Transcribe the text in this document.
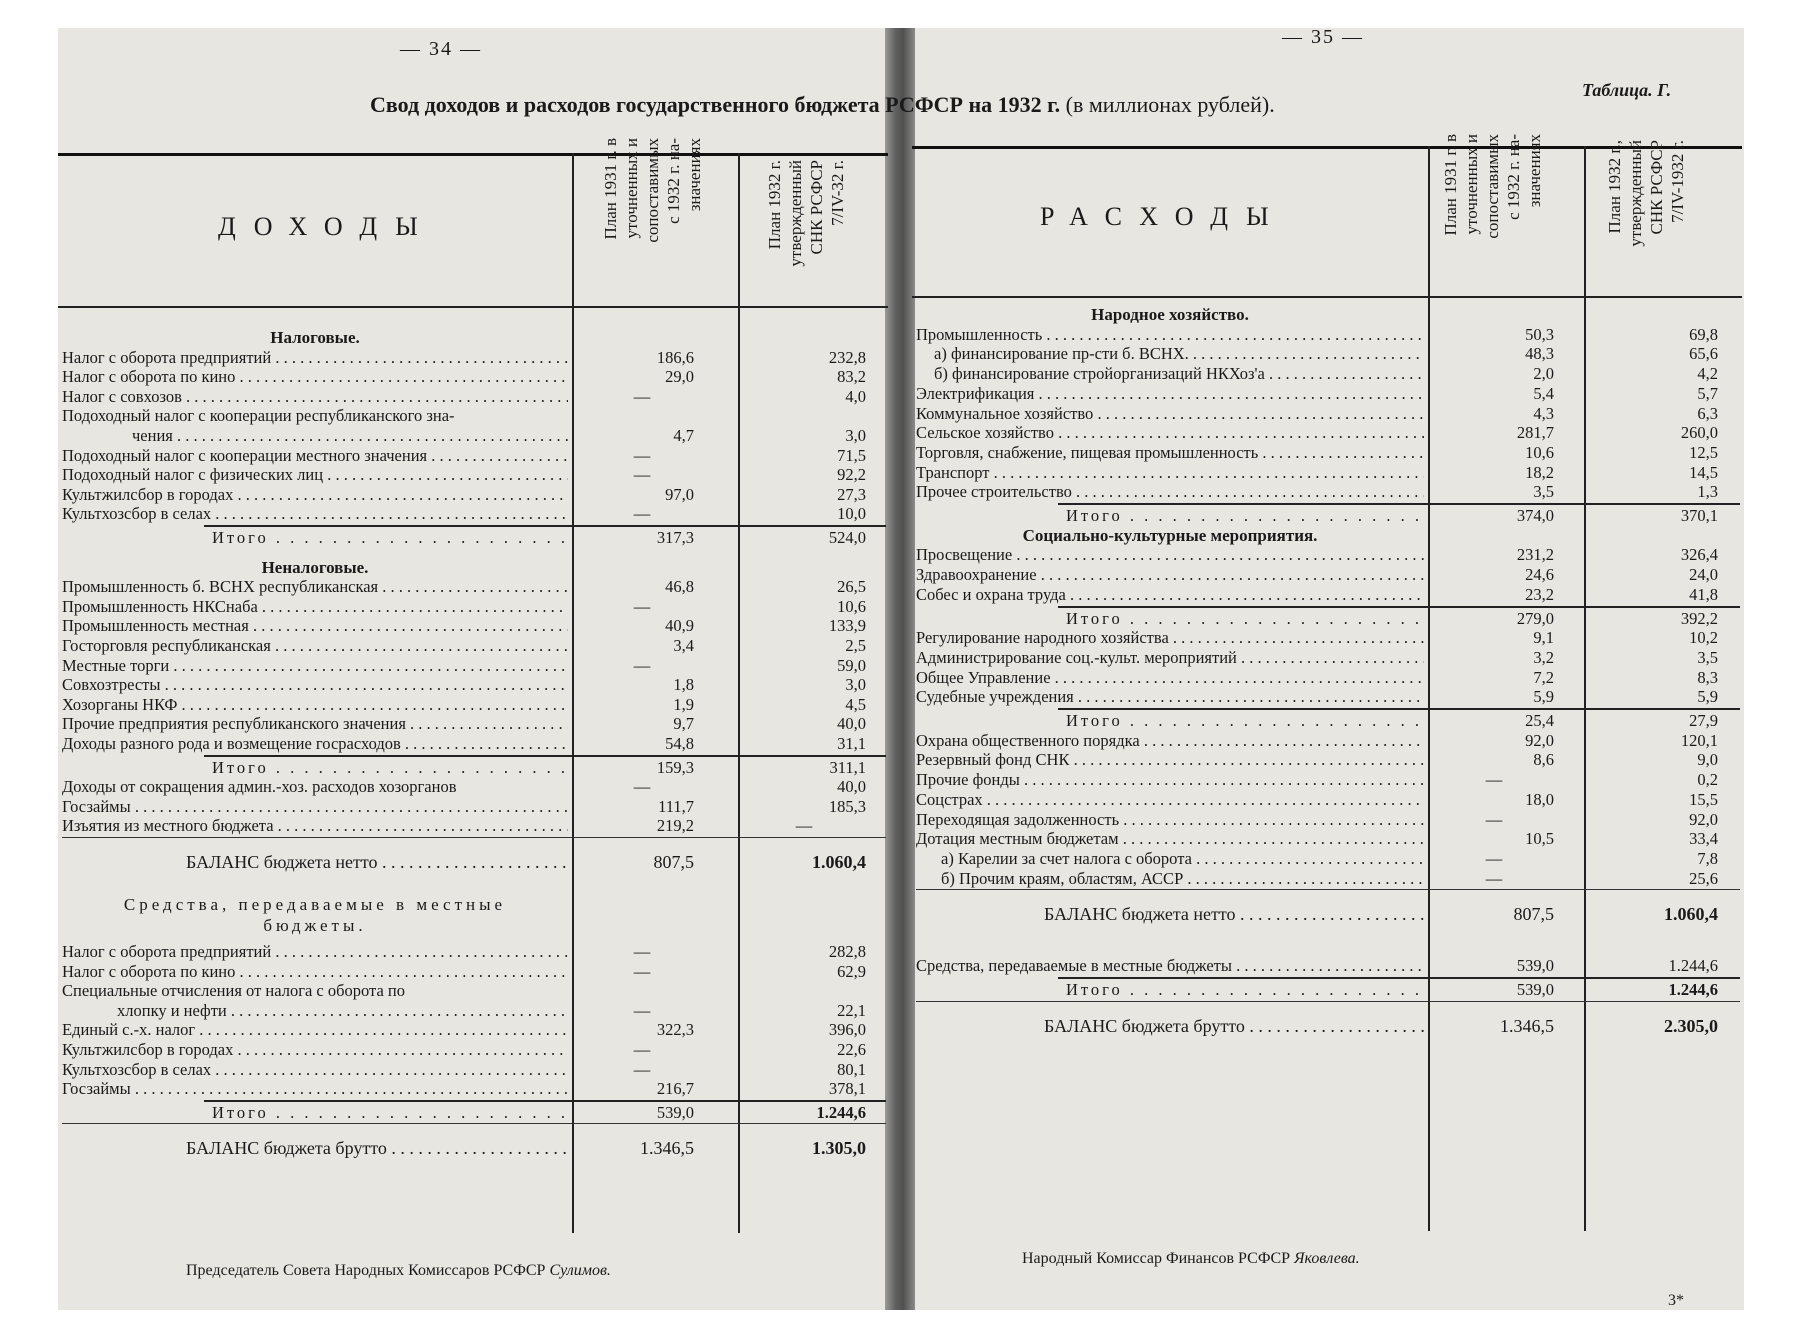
— 34 —
— 35 —
Свод доходов и расходов государственного бюджета РСФСР на 1932 г. (в миллионах рублей).
Таблица. Г.
ДОХОДЫ	РАСХОДЫ
План 1931 г. в уточненных и сопоставимых с 1932 г. на- значениях	План 1932 г. утвержденный СНК РСФСР 7/IV-32 г.	План 1931 г. в уточненных и сопоставимых с 1932 г. на- значениях	План 1932 г., утвержденный СНК РСФСР 7/IV-1932 г.
Налоговые.
Налог с оборота предприятий . . .	186,6	232,8
Налог с оборота по кино . . .	29,0	83,2
Налог с совхозов . . .	—	4,0
Подоходный налог с кооперации республиканского зна-
чения . . .	4,7	3,0
Подоходный налог с кооперации местного значения . . .	—	71,5
Подоходный налог с физических лиц . . .	—	92,2
Культжилсбор в городах . . .	97,0	27,3
Культхозсбор в селах . . .	—	10,0
Итого . . .	317,3	524,0
Неналоговые.
Промышленность б. ВСНХ республиканская . . .	46,8	26,5
Промышленность НКСнаба . . .	—	10,6
Промышленность местная . . .	40,9	133,9
Госторговля республиканская . . .	3,4	2,5
Местные торги . . .	—	59,0
Совхозтресты . . .	1,8	3,0
Хозорганы НКФ . . .	1,9	4,5
Прочие предприятия республиканского значения . . .	9,7	40,0
Доходы разного рода и возмещение госрасходов . . .	54,8	31,1
Итого . . .	159,3	311,1
Доходы от сокращения админ.-хоз. расходов хозорганов	—	40,0
Госзаймы . . .	111,7	185,3
Изъятия из местного бюджета . . .	219,2	—
БАЛАНС бюджета нетто . . .	807,5	1.060,4
Средства, передаваемые в местные бюджеты.
Налог с оборота предприятий . . .	—	282,8
Налог с оборота по кино . . .	—	62,9
Специальные отчисления от налога с оборота по
хлопку и нефти . . .	—	22,1
Единый с.-х. налог . . .	322,3	396,0
Культжилсбор в городах . . .	—	22,6
Культхозсбор в селах . . .	—	80,1
Госзаймы . . .	216,7	378,1
Итого . . .	539,0	1.244,6
БАЛАНС бюджета брутто . . .	1.346,5	1.305,0
Народное хозяйство.
Промышленность . . .	50,3	69,8
а) финансирование пр-сти б. ВСНХ. . . .	48,3	65,6
б) финансирование стройорганизаций НКХоз'а . . .	2,0	4,2
Электрификация . . .	5,4	5,7
Коммунальное хозяйство . . .	4,3	6,3
Сельское хозяйство . . .	281,7	260,0
Торговля, снабжение, пищевая промышленность . . .	10,6	12,5
Транспорт . . .	18,2	14,5
Прочее строительство . . .	3,5	1,3
Итого . . .	374,0	370,1
Социально-культурные мероприятия.
Просвещение . . .	231,2	326,4
Здравоохранение . . .	24,6	24,0
Собес и охрана труда . . .	23,2	41,8
Итого . . .	279,0	392,2
Регулирование народного хозяйства . . .	9,1	10,2
Администрирование соц.-культ. мероприятий . . .	3,2	3,5
Общее Управление . . .	7,2	8,3
Судебные учреждения . . .	5,9	5,9
Итого . . .	25,4	27,9
Охрана общественного порядка . . .	92,0	120,1
Резервный фонд СНК . . .	8,6	9,0
Прочие фонды . . .	—	0,2
Соцстрах . . .	18,0	15,5
Переходящая задолженность . . .	—	92,0
Дотация местным бюджетам . . .	10,5	33,4
а) Карелии за счет налога с оборота . . .	—	7,8
б) Прочим краям, областям, АССР . . .	—	25,6
БАЛАНС бюджета нетто . . .	807,5	1.060,4
Средства, передаваемые в местные бюджеты . . .	539,0	1.244,6
Итого . . .	539,0	1.244,6
БАЛАНС бюджета брутто . . .	1.346,5	2.305,0
Председатель Совета Народных Комиссаров РСФСР Сулимов.
Народный Комиссар Финансов РСФСР Яковлева.
3*
